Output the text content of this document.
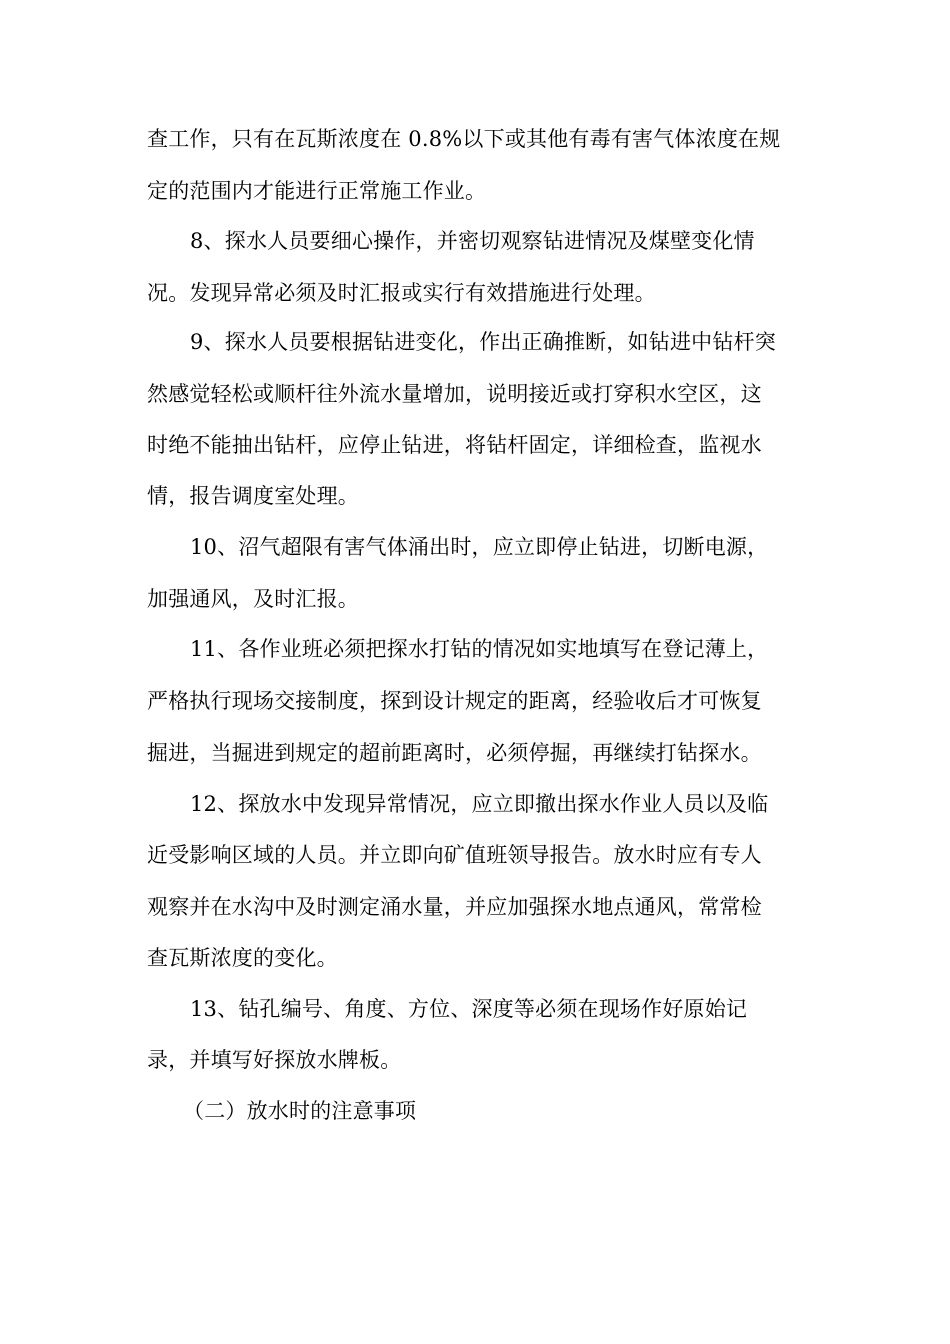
查工作，只有在瓦斯浓度在 0.8%以下或其他有毒有害气体浓度在规
定的范围内才能进行正常施工作业。
8、探水人员要细心操作，并密切观察钻进情况及煤壁变化情
况。发现异常必须及时汇报或实行有效措施进行处理。
9、探水人员要根据钻进变化，作出正确推断，如钻进中钻杆突
然感觉轻松或顺杆往外流水量增加，说明接近或打穿积水空区，这
时绝不能抽出钻杆，应停止钻进，将钻杆固定，详细检查，监视水
情，报告调度室处理。
10、沼气超限有害气体涌出时，应立即停止钻进，切断电源，
加强通风，及时汇报。
11、各作业班必须把探水打钻的情况如实地填写在登记薄上，
严格执行现场交接制度，探到设计规定的距离，经验收后才可恢复
掘进，当掘进到规定的超前距离时，必须停掘，再继续打钻探水。
12、探放水中发现异常情况，应立即撤出探水作业人员以及临
近受影响区域的人员。并立即向矿值班领导报告。放水时应有专人
观察并在水沟中及时测定涌水量，并应加强探水地点通风，常常检
查瓦斯浓度的变化。
13、钻孔编号、角度、方位、深度等必须在现场作好原始记
录，并填写好探放水牌板。
（二）放水时的注意事项
